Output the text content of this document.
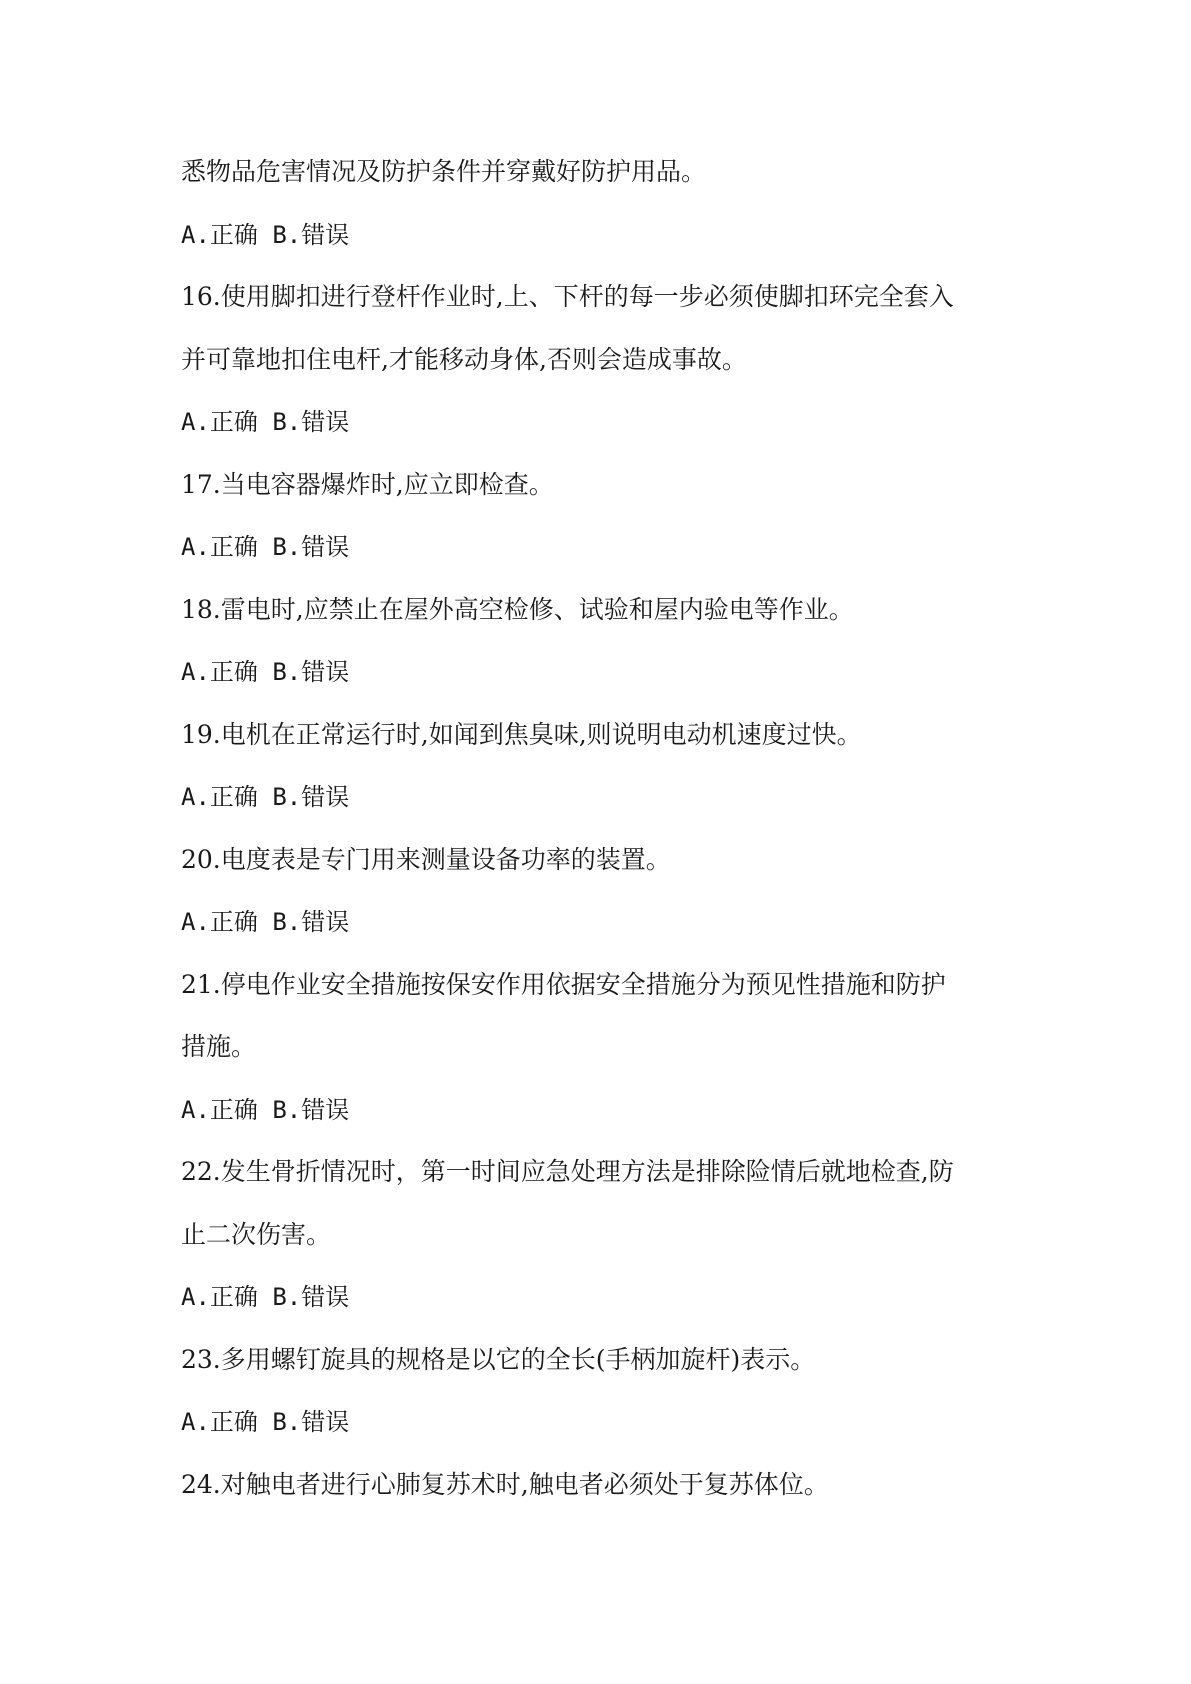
悉物品危害情况及防护条件并穿戴好防护用品。
A.正确 B.错误
16.使用脚扣进行登杆作业时,上、下杆的每一步必须使脚扣环完全套入
并可靠地扣住电杆,才能移动身体,否则会造成事故。
A.正确 B.错误
17.当电容器爆炸时,应立即检查。
A.正确 B.错误
18.雷电时,应禁止在屋外高空检修、试验和屋内验电等作业。
A.正确 B.错误
19.电机在正常运行时,如闻到焦臭味,则说明电动机速度过快。
A.正确 B.错误
20.电度表是专门用来测量设备功率的装置。
A.正确 B.错误
21.停电作业安全措施按保安作用依据安全措施分为预见性措施和防护
措施。
A.正确 B.错误
22.发生骨折情况时，第一时间应急处理方法是排除险情后就地检查,防
止二次伤害。
A.正确 B.错误
23.多用螺钉旋具的规格是以它的全长(手柄加旋杆)表示。
A.正确 B.错误
24.对触电者进行心肺复苏术时,触电者必须处于复苏体位。
